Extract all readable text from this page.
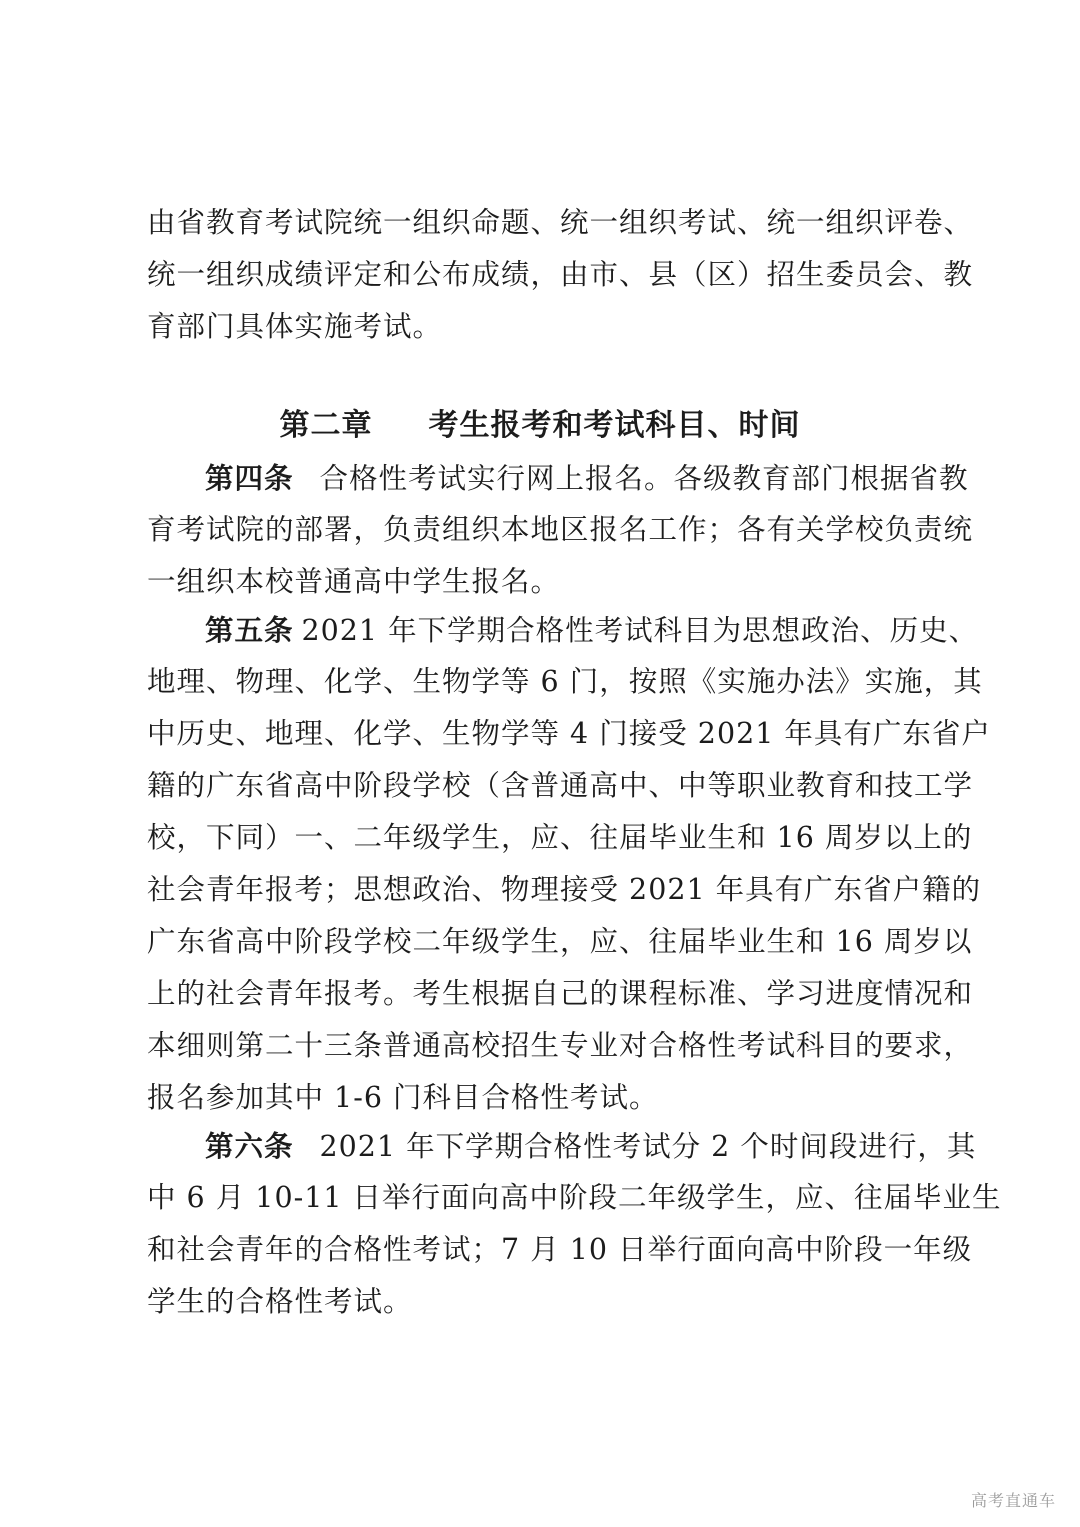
由省教育考试院统一组织命题、统一组织考试、统一组织评卷、
统一组织成绩评定和公布成绩，由市、县（区）招生委员会、教
育部门具体实施考试。
第二章 考生报考和考试科目、时间
第四条 合格性考试实行网上报名。各级教育部门根据省教
育考试院的部署，负责组织本地区报名工作；各有关学校负责统
一组织本校普通高中学生报名。
第五条 2021 年下学期合格性考试科目为思想政治、历史、
地理、物理、化学、生物学等 6 门，按照《实施办法》实施，其
中历史、地理、化学、生物学等 4 门接受 2021 年具有广东省户
籍的广东省高中阶段学校（含普通高中、中等职业教育和技工学
校，下同）一、二年级学生，应、往届毕业生和 16 周岁以上的
社会青年报考；思想政治、物理接受 2021 年具有广东省户籍的
广东省高中阶段学校二年级学生，应、往届毕业生和 16 周岁以
上的社会青年报考。考生根据自己的课程标准、学习进度情况和
本细则第二十三条普通高校招生专业对合格性考试科目的要求，
报名参加其中 1-6 门科目合格性考试。
第六条 2021 年下学期合格性考试分 2 个时间段进行，其
中 6 月 10-11 日举行面向高中阶段二年级学生，应、往届毕业生
和社会青年的合格性考试；7 月 10 日举行面向高中阶段一年级
学生的合格性考试。
高考直通车
